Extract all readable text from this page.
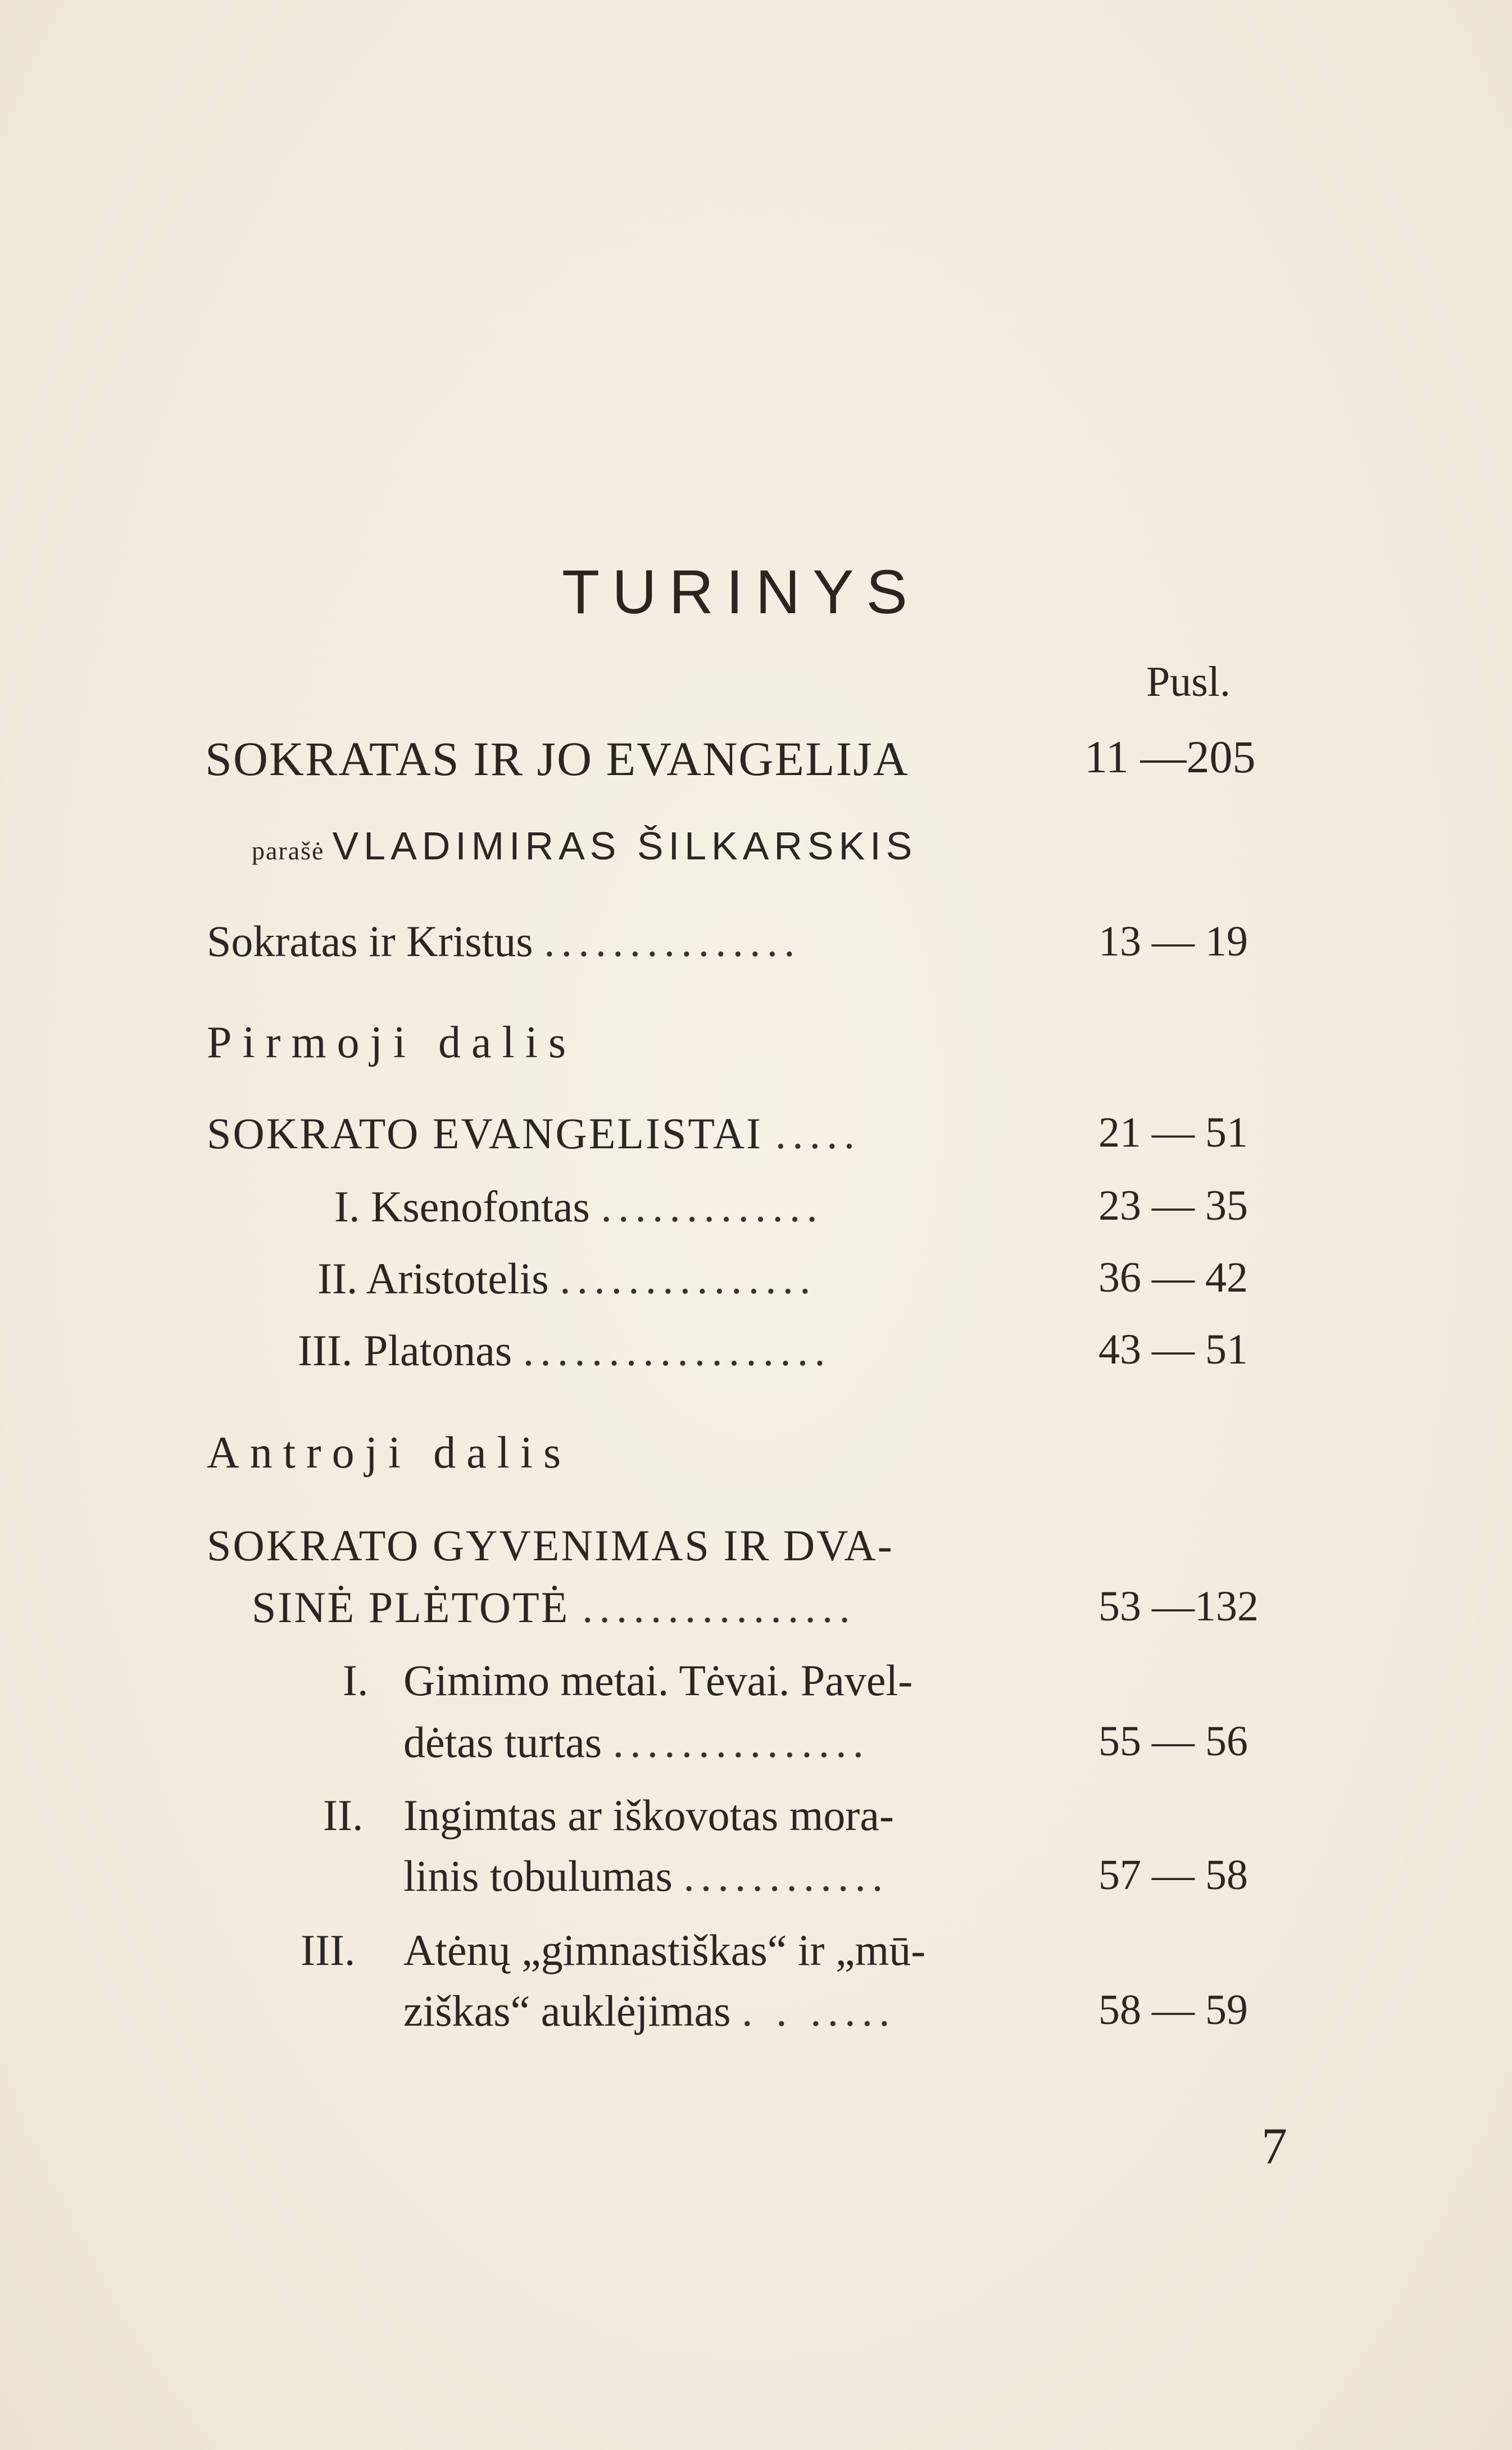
TURINYS
Pusl.
SOKRATAS IR JO EVANGELIJA	11 —205
parašė VLADIMIRAS ŠILKARSKIS
Sokratas ir Kristus ...............	13 — 19
Pirmoji dalis
SOKRATO EVANGELISTAI .....	21 — 51
I. Ksenofontas .............	23 — 35
II. Aristotelis ...............	36 — 42
III. Platonas ..................	43 — 51
Antroji dalis
SOKRATO GYVENIMAS IR DVA-
SINĖ PLĖTOTĖ ................	53 —132
I. Gimimo metai. Tėvai. Pavel-
dėtas turtas ...............	55 — 56
II. Ingimtas ar iškovotas mora-
linis tobulumas ............	57 — 58
III. Atėnų „gimnastiškas“ ir „mū-
ziškas“ auklėjimas . . .....	58 — 59
7
